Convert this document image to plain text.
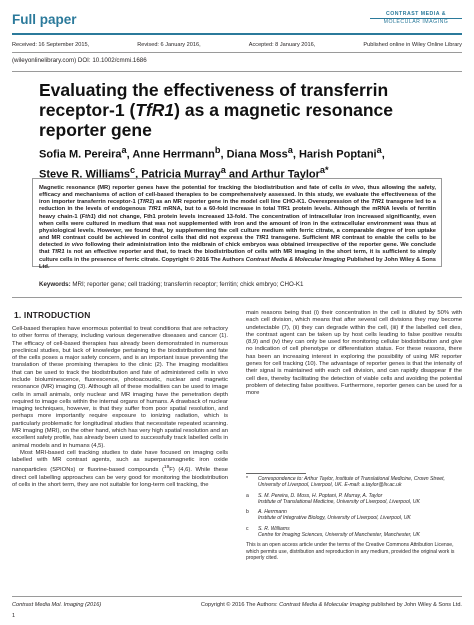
Full paper	CONTRAST MEDIA &
MOLECULAR IMAGING
Received: 16 September 2015,	Revised: 6 January 2016,	Accepted: 8 January 2016,	Published online in Wiley Online Library
(wileyonlinelibrary.com) DOI: 10.1002/cmmi.1686
Evaluating the effectiveness of transferrin receptor-1 (TfR1) as a magnetic resonance reporter gene
Sofia M. Pereira$^a$, Anne Herrmann$^b$, Diana Moss$^a$, Harish Poptani$^a$,
Steve R. Williams$^c$, Patricia Murray$^a$ and Arthur Taylor$^{a*}$
Magnetic resonance (MR) reporter genes have the potential for tracking the biodistribution and fate of cells in vivo, thus allowing the safety, efficacy and mechanisms of action of cell-based therapies to be comprehensively assessed. In this study, we evaluate the effectiveness of the iron importer transferrin receptor-1 (TfR1) as an MR reporter gene in the model cell line CHO-K1. Overexpression of the TfR1 transgene led to a reduction in the levels of endogenous TfR1 mRNA, but to a 60-fold increase in total TfR1 protein levels. Although the mRNA levels of ferritin heavy chain-1 (Fth1) did not change, Fth1 protein levels increased 13-fold. The concentration of intracellular iron increased significantly, even when cells were cultured in medium that was not supplemented with iron and the amount of iron in the extracellular environment was thus at physiological levels. However, we found that, by supplementing the cell culture medium with ferric citrate, a comparable degree of iron uptake and MR contrast could be achieved in control cells that did not express the TfR1 transgene. Sufficient MR contrast to enable the cells to be detected in vivo following their administration into the midbrain of chick embryos was obtained irrespective of the reporter gene. We conclude that TfR1 is not an effective reporter and that, to track the biodistribution of cells with MR imaging in the short term, it is sufficient to simply culture cells in the presence of ferric citrate. Copyright © 2016 The Authors Contrast Media & Molecular Imaging Published by John Wiley & Sons Ltd.
Keywords: MRI; reporter gene; cell tracking; transferrin receptor; ferritin; chick embryo; CHO-K1
1. INTRODUCTION

Cell-based therapies have enormous potential to treat conditions that are refractory to other forms of therapy, including various degenerative diseases and cancer (1). The efficacy of cell-based therapies has already been demonstrated in numerous preclinical studies, but lack of knowledge pertaining to the biodistribution and fate of the cells poses a major safety concern, and is an important issue preventing the translation of these promising therapies to the clinic (2). The imaging modalities that can be used to track the biodistribution and fate of administered cells in vivo include bioluminescence, fluorescence, photoacoustic, nuclear and magnetic resonance (MR) imaging (3). Although all of these modalities can be used to image cells in small animals, only nuclear and MR imaging have the penetration depth required to image cells within the internal organs of humans. A drawback of nuclear imaging techniques, however, is that they suffer from poor spatial resolution, and perhaps more importantly require exposure to ionizing radiation, which is particularly problematic for longitudinal studies that necessitate repeated scanning. MR imaging (MRI), on the other hand, which has very high spatial resolution and an excellent safety profile, has already been used to successfully track labelled cells in animal models and in humans (4,5).

Most MRI-based cell tracking studies to date have focused on imaging cells labelled with MR contrast agents, such as superparamagnetic iron oxide nanoparticles (SPIONs) or fluorine-based compounds ($^{19}$F) (4,6). While these direct cell labelling approaches can be very good for monitoring the biodistribution of cells in the short term, they are not suitable for long-term cell tracking, the

main reasons being that (i) their concentration in the cell is diluted by 50% with each cell division, which means that after several cell divisions they may become undetectable (7), (ii) they can degrade within the cell, (iii) if the labelled cell dies, the contrast agent can be taken up by host cells leading to false positive results (8,9) and (iv) they can only be used for monitoring cellular biodistribution and give no indication of cell phenotype or differentiation status. For these reasons, there has been an increasing interest in exploring the possibility of using MR reporter genes for cell tracking (10). The advantage of reporter genes is that the intensity of their signal is maintained with each cell division, and can rapidly disappear if the cell dies, thereby facilitating the detection of viable cells and avoiding the potential problem of detecting false positives. Furthermore, reporter genes can be used for a more

* Correspondence to: Arthur Taylor, Institute of Translational Medicine, Crown Street, University of Liverpool, Liverpool, UK. E-mail: a.taylor@liv.ac.uk
a S. M. Pereira, D. Moss, H. Poptani, P. Murray, A. Taylor
Institute of Translational Medicine, University of Liverpool, Liverpool, UK
b A. Herrmann
Institute of Integrative Biology, University of Liverpool, Liverpool, UK
c S. R. Williams
Centre for Imaging Sciences, University of Manchester, Manchester, UK
This is an open access article under the terms of the Creative Commons Attribution License, which permits use, distribution and reproduction in any medium, provided the original work is properly cited.
Contrast Media Mol. Imaging (2016)	Copyright © 2016 The Authors: Contrast Media & Molecular Imaging published by John Wiley & Sons Ltd.
1
